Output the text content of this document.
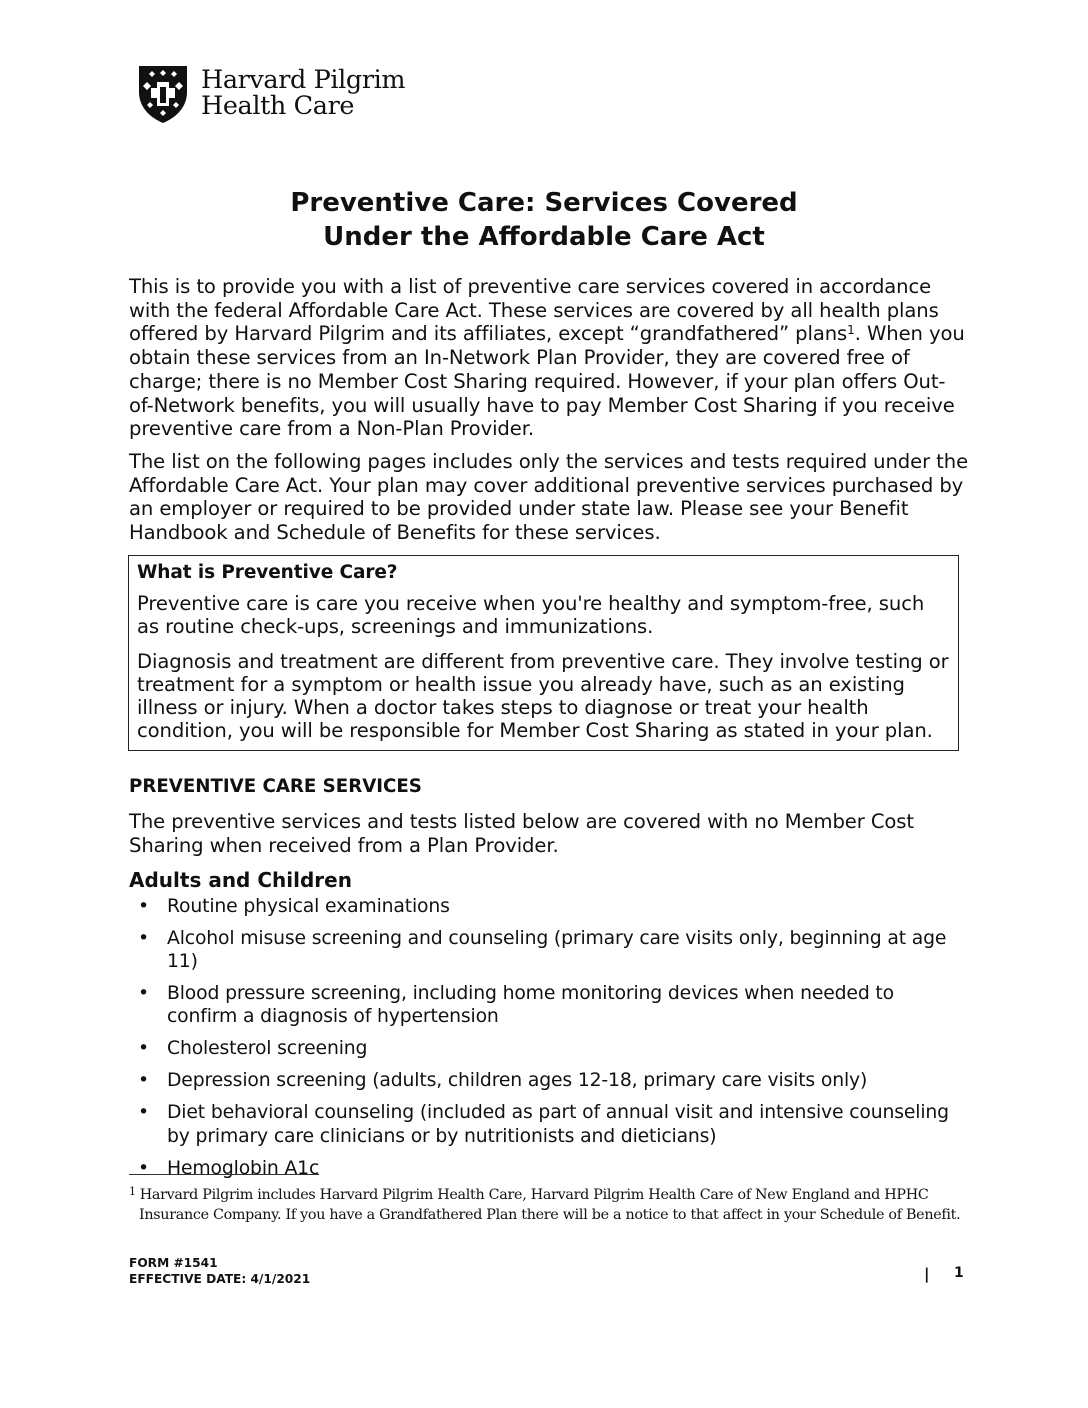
Harvard Pilgrim
Health Care
Preventive Care: Services Covered
Under the Affordable Care Act
This is to provide you with a list of preventive care services covered in accordance with the federal Affordable Care Act. These services are covered by all health plans offered by Harvard Pilgrim and its affiliates, except “grandfathered” plans$^1$. When you obtain these services from an In-Network Plan Provider, they are covered free of charge; there is no Member Cost Sharing required. However, if your plan offers Out-of-Network benefits, you will usually have to pay Member Cost Sharing if you receive preventive care from a Non-Plan Provider.
The list on the following pages includes only the services and tests required under the Affordable Care Act. Your plan may cover additional preventive services purchased by an employer or required to be provided under state law. Please see your Benefit Handbook and Schedule of Benefits for these services.
What is Preventive Care?

Preventive care is care you receive when you're healthy and symptom-free, such as routine check-ups, screenings and immunizations.

Diagnosis and treatment are different from preventive care. They involve testing or treatment for a symptom or health issue you already have, such as an existing illness or injury. When a doctor takes steps to diagnose or treat your health condition, you will be responsible for Member Cost Sharing as stated in your plan.

PREVENTIVE CARE SERVICES
The preventive services and tests listed below are covered with no Member Cost Sharing when received from a Plan Provider.
Adults and Children
• Routine physical examinations
• Alcohol misuse screening and counseling (primary care visits only, beginning at age 11)
• Blood pressure screening, including home monitoring devices when needed to confirm a diagnosis of hypertension
• Cholesterol screening
• Depression screening (adults, children ages 12-18, primary care visits only)
• Diet behavioral counseling (included as part of annual visit and intensive counseling by primary care clinicians or by nutritionists and dieticians)
• Hemoglobin A1c
$^1$ Harvard Pilgrim includes Harvard Pilgrim Health Care, Harvard Pilgrim Health Care of New England and HPHC
Insurance Company. If you have a Grandfathered Plan there will be a notice to that affect in your Schedule of Benefit.
FORM #1541
EFFECTIVE DATE: 4/1/2021	| 1
